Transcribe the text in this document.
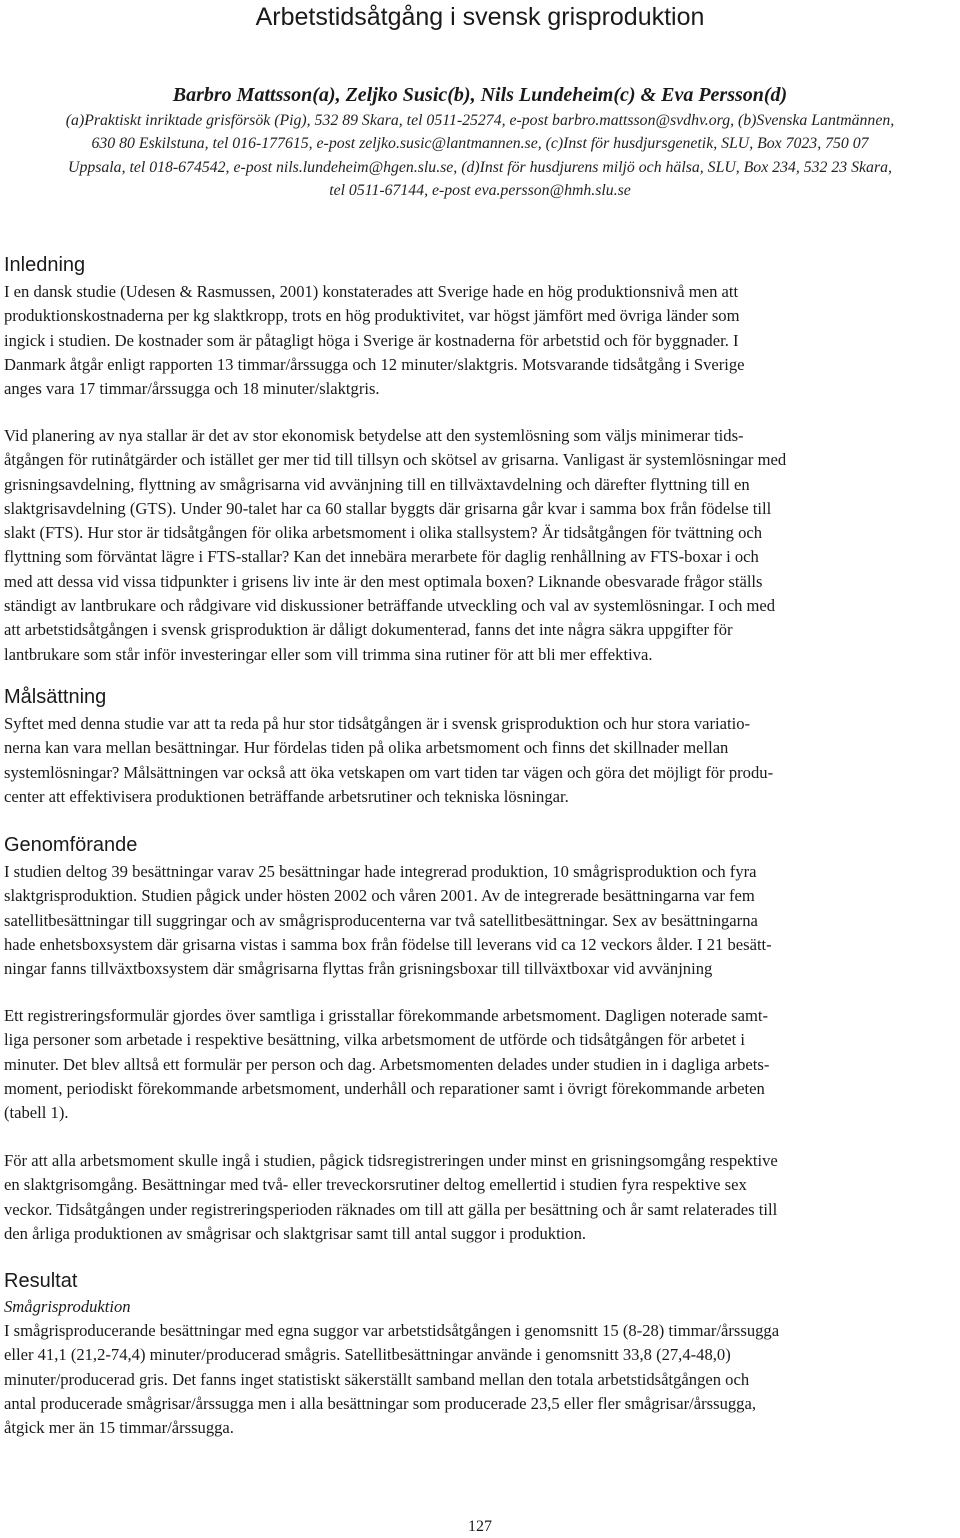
Arbetstidsåtgång i svensk grisproduktion

Barbro Mattsson(a), Zeljko Susic(b), Nils Lundeheim(c) & Eva Persson(d)

(a)Praktiskt inriktade grisförsök (Pig), 532 89 Skara, tel 0511-25274, e-post barbro.mattsson@svdhv.org, (b)Svenska Lantmännen,
630 80 Eskilstuna, tel 016-177615, e-post zeljko.susic@lantmannen.se, (c)Inst för husdjursgenetik, SLU, Box 7023, 750 07
Uppsala, tel 018-674542, e-post nils.lundeheim@hgen.slu.se, (d)Inst för husdjurens miljö och hälsa, SLU, Box 234, 532 23 Skara,
tel 0511-67144, e-post eva.persson@hmh.slu.se

Inledning

I en dansk studie (Udesen & Rasmussen, 2001) konstaterades att Sverige hade en hög produktionsnivå men att
produktionskostnaderna per kg slaktkropp, trots en hög produktivitet, var högst jämfört med övriga länder som
ingick i studien. De kostnader som är påtagligt höga i Sverige är kostnaderna för arbetstid och för byggnader. I
Danmark åtgår enligt rapporten 13 timmar/årssugga och 12 minuter/slaktgris. Motsvarande tidsåtgång i Sverige
anges vara 17 timmar/årssugga och 18 minuter/slaktgris.

Vid planering av nya stallar är det av stor ekonomisk betydelse att den systemlösning som väljs minimerar tids-
åtgången för rutinåtgärder och istället ger mer tid till tillsyn och skötsel av grisarna. Vanligast är systemlösningar med
grisningsavdelning, flyttning av smågrisarna vid avvänjning till en tillväxtavdelning och därefter flyttning till en
slaktgrisavdelning (GTS). Under 90-talet har ca 60 stallar byggts där grisarna går kvar i samma box från födelse till
slakt (FTS). Hur stor är tidsåtgången för olika arbetsmoment i olika stallsystem? Är tidsåtgången för tvättning och
flyttning som förväntat lägre i FTS-stallar? Kan det innebära merarbete för daglig renhållning av FTS-boxar i och
med att dessa vid vissa tidpunkter i grisens liv inte är den mest optimala boxen? Liknande obesvarade frågor ställs
ständigt av lantbrukare och rådgivare vid diskussioner beträffande utveckling och val av systemlösningar. I och med
att arbetstidsåtgången i svensk grisproduktion är dåligt dokumenterad, fanns det inte några säkra uppgifter för
lantbrukare som står inför investeringar eller som vill trimma sina rutiner för att bli mer effektiva.

Målsättning

Syftet med denna studie var att ta reda på hur stor tidsåtgången är i svensk grisproduktion och hur stora variatio-
nerna kan vara mellan besättningar. Hur fördelas tiden på olika arbetsmoment och finns det skillnader mellan
systemlösningar? Målsättningen var också att öka vetskapen om vart tiden tar vägen och göra det möjligt för produ-
center att effektivisera produktionen beträffande arbetsrutiner och tekniska lösningar.

Genomförande

I studien deltog 39 besättningar varav 25 besättningar hade integrerad produktion, 10 smågrisproduktion och fyra
slaktgrisproduktion. Studien pågick under hösten 2002 och våren 2001. Av de integrerade besättningarna var fem
satellitbesättningar till suggringar och av smågrisproducenterna var två satellitbesättningar. Sex av besättningarna
hade enhetsboxsystem där grisarna vistas i samma box från födelse till leverans vid ca 12 veckors ålder. I 21 besätt-
ningar fanns tillväxtboxsystem där smågrisarna flyttas från grisningsboxar till tillväxtboxar vid avvänjning

Ett registreringsformulär gjordes över samtliga i grisstallar förekommande arbetsmoment. Dagligen noterade samt-
liga personer som arbetade i respektive besättning, vilka arbetsmoment de utförde och tidsåtgången för arbetet i
minuter. Det blev alltså ett formulär per person och dag. Arbetsmomenten delades under studien in i dagliga arbets-
moment, periodiskt förekommande arbetsmoment, underhåll och reparationer samt i övrigt förekommande arbeten
(tabell 1).

För att alla arbetsmoment skulle ingå i studien, pågick tidsregistreringen under minst en grisningsomgång respektive
en slaktgrisomgång. Besättningar med två- eller treveckorsrutiner deltog emellertid i studien fyra respektive sex
veckor. Tidsåtgången under registreringsperioden räknades om till att gälla per besättning och år samt relaterades till
den årliga produktionen av smågrisar och slaktgrisar samt till antal suggor i produktion.

Resultat

Smågrisproduktion

I smågrisproducerande besättningar med egna suggor var arbetstidsåtgången i genomsnitt 15 (8-28) timmar/årssugga
eller 41,1 (21,2-74,4) minuter/producerad smågris. Satellitbesättningar använde i genomsnitt 33,8 (27,4-48,0)
minuter/producerad gris. Det fanns inget statistiskt säkerställt samband mellan den totala arbetstidsåtgången och
antal producerade smågrisar/årssugga men i alla besättningar som producerade 23,5 eller fler smågrisar/årssugga,
åtgick mer än 15 timmar/årssugga.

127
